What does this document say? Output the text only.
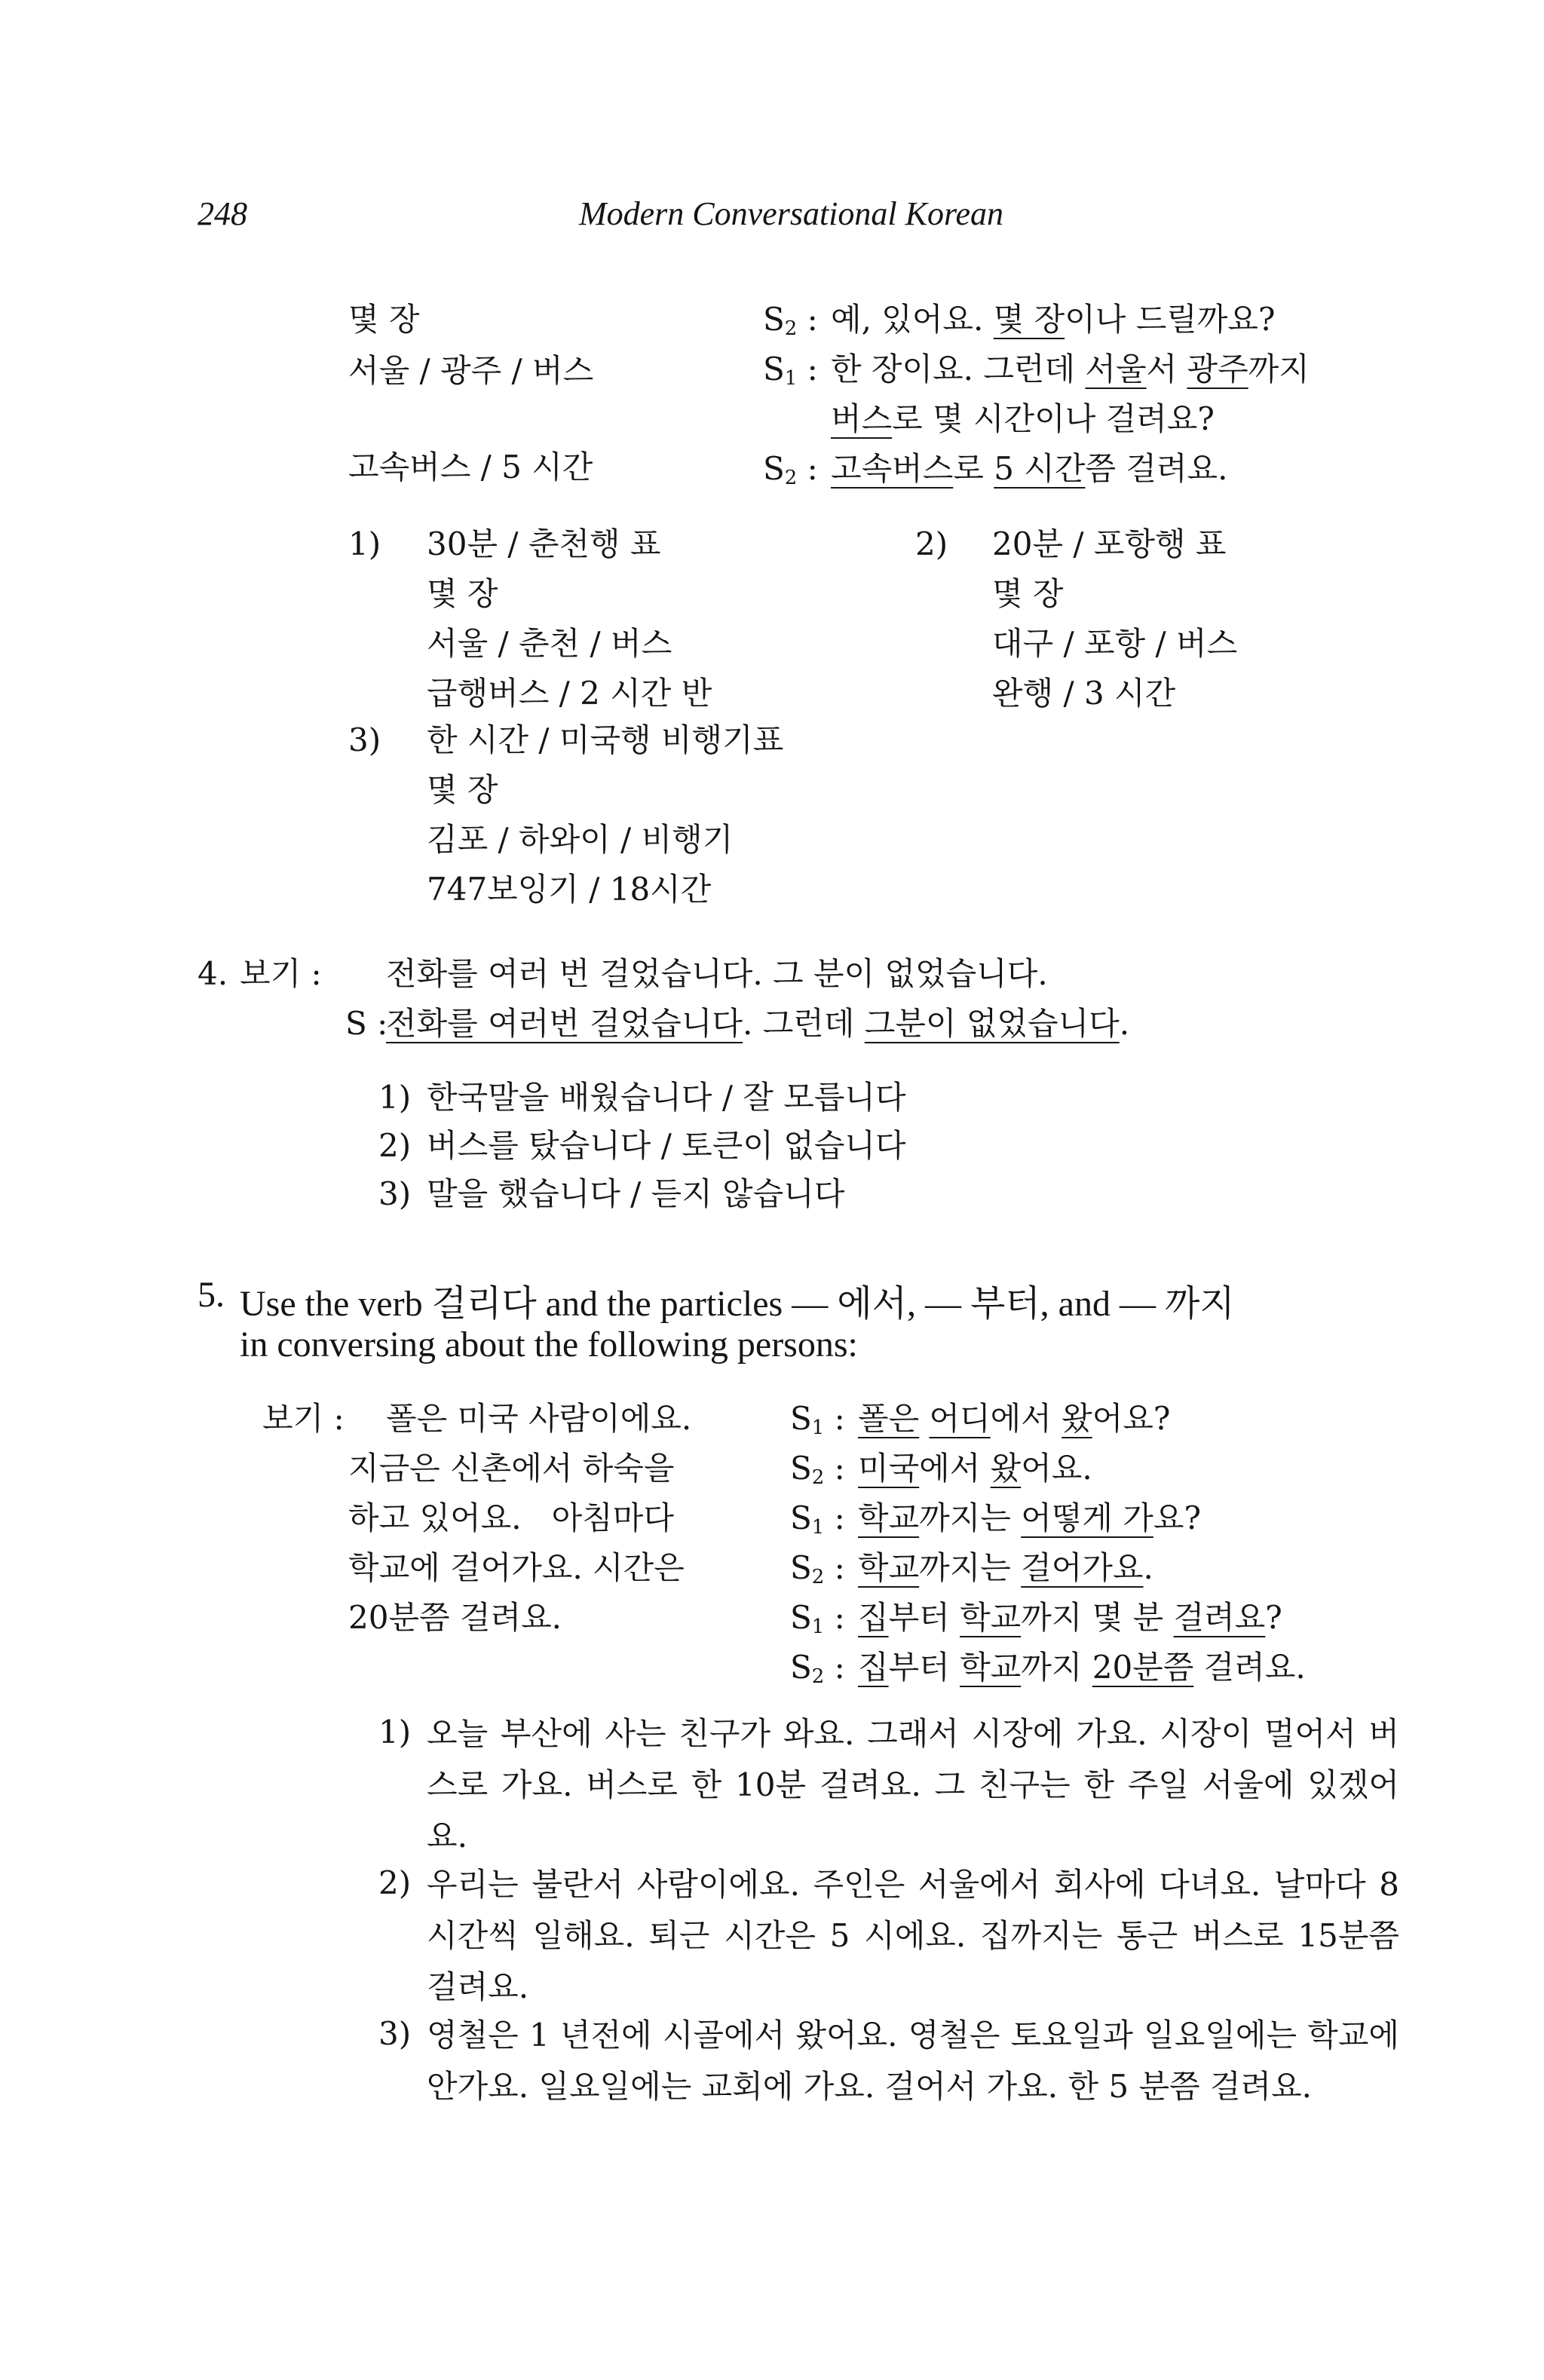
248	Modern Conversational Korean
몇 장
서울 / 광주 / 버스
고속버스 / 5 시간
$S_2$ : 예, 있어요. 몇 장이나 드릴까요?
$S_1$ : 한 장이요. 그런데 서울서 광주까지
버스로 몇 시간이나 걸려요?
$S_2$ : 고속버스로 5 시간쯤 걸려요.
1) 30분 / 춘천행 표
몇 장
서울 / 춘천 / 버스
급행버스 / 2 시간 반
3) 한 시간 / 미국행 비행기표
몇 장
김포 / 하와이 / 비행기
747보잉기 / 18시간
2) 20분 / 포항행 표
몇 장
대구 / 포항 / 버스
완행 / 3 시간
4. 보기 : 전화를 여러 번 걸었습니다. 그 분이 없었습니다.
S :
전화를 여러번 걸었습니다. 그런데 그분이 없었습니다.
1) 한국말을 배웠습니다 / 잘 모릅니다
2) 버스를 탔습니다 / 토큰이 없습니다
3) 말을 했습니다 / 듣지 않습니다
5. Use the verb 걸리다 and the particles — 에서, — 부터, and — 까지
in conversing about the following persons:
보기 : 폴은 미국 사람이에요.
지금은 신촌에서 하숙을
하고 있어요.   아침마다
학교에 걸어가요. 시간은
20분쯤 걸려요.
$S_1$ : 폴은 어디에서 왔어요?
$S_2$ : 미국에서 왔어요.
$S_1$ : 학교까지는 어떻게 가요?
$S_2$ : 학교까지는 걸어가요.
$S_1$ : 집부터 학교까지 몇 분 걸려요?
$S_2$ : 집부터 학교까지 20분쯤 걸려요.
1) 오늘 부산에 사는 친구가 와요. 그래서 시장에 가요. 시장이 멀어서 버스로 가요. 버스로 한 10분 걸려요. 그 친구는 한 주일 서울에 있겠어요.
2) 우리는 불란서 사람이에요. 주인은 서울에서 회사에 다녀요. 날마다 8 시간씩 일해요. 퇴근 시간은 5 시에요. 집까지는 통근 버스로 15분쯤 걸려요.
3) 영철은 1 년전에 시골에서 왔어요. 영철은 토요일과 일요일에는 학교에 안가요. 일요일에는 교회에 가요. 걸어서 가요. 한 5 분쯤 걸려요.
